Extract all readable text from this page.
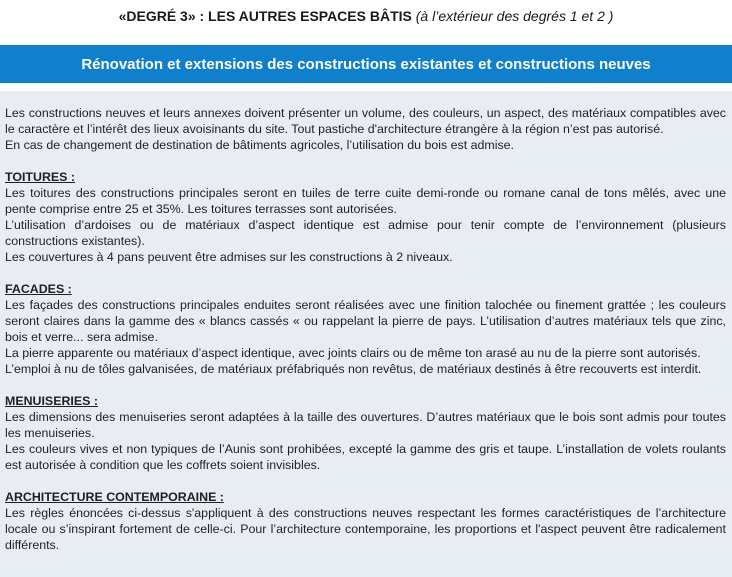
«DEGRÉ 3» : LES AUTRES ESPACES BÂTIS (à l’extérieur des degrés 1 et 2 )
Rénovation et extensions des constructions existantes et constructions neuves

Les constructions neuves et leurs annexes doivent présenter un volume, des couleurs, un aspect, des matériaux compatibles avec le caractère et l’intérêt des lieux avoisinants du site. Tout pastiche d'architecture étrangère à la région n’est pas autorisé.

En cas de changement de destination de bâtiments agricoles, l’utilisation du bois est admise.

TOITURES :

Les toitures des constructions principales seront en tuiles de terre cuite demi-ronde ou romane canal de tons mêlés, avec une pente comprise entre 25 et 35%. Les toitures terrasses sont autorisées.

L’utilisation d’ardoises ou de matériaux d’aspect identique est admise pour tenir compte de l’environnement (plusieurs constructions existantes).

Les couvertures à 4 pans peuvent être admises sur les constructions à 2 niveaux.

FACADES :

Les façades des constructions principales enduites seront réalisées avec une finition talochée ou finement grattée ; les couleurs seront claires dans la gamme des « blancs cassés « ou rappelant la pierre de pays. L’utilisation d’autres matériaux tels que zinc, bois et verre... sera admise.

La pierre apparente ou matériaux d’aspect identique, avec joints clairs ou de même ton arasé au nu de la pierre sont autorisés.

L’emploi à nu de tôles galvanisées, de matériaux préfabriqués non revêtus, de matériaux destinés à être recouverts est interdit.

MENUISERIES :

Les dimensions des menuiseries seront adaptées à la taille des ouvertures. D’autres matériaux que le bois sont admis pour toutes les menuiseries.

Les couleurs vives et non typiques de l’Aunis sont prohibées, excepté la gamme des gris et taupe. L’installation de volets roulants est autorisée à condition que les coffrets soient invisibles.

ARCHITECTURE CONTEMPORAINE :

Les règles énoncées ci-dessus s'appliquent à des constructions neuves respectant les formes caractéristiques de l’architecture locale ou s’inspirant fortement de celle-ci. Pour l’architecture contemporaine, les proportions et l'aspect peuvent être radicalement différents.
